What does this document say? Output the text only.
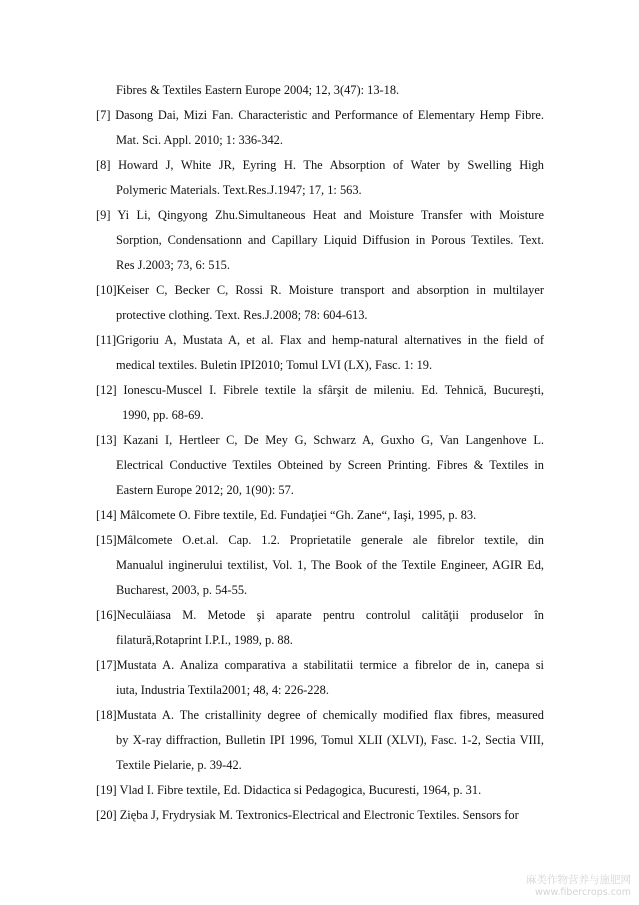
Fibres & Textiles Eastern Europe 2004; 12, 3(47): 13-18.
[7] Dasong Dai, Mizi Fan. Characteristic and Performance of Elementary Hemp Fibre.
Mat. Sci. Appl. 2010; 1: 336-342.
[8] Howard J, White JR, Eyring H. The Absorption of Water by Swelling High
Polymeric Materials. Text.Res.J.1947; 17, 1: 563.
[9] Yi Li, Qingyong Zhu.Simultaneous Heat and Moisture Transfer with Moisture
Sorption, Condensationn and Capillary Liquid Diffusion in Porous Textiles. Text.
Res J.2003; 73, 6: 515.
[10]Keiser C, Becker C, Rossi R. Moisture transport and absorption in multilayer
protective clothing. Text. Res.J.2008; 78: 604-613.
[11]Grigoriu A, Mustata A, et al. Flax and hemp-natural alternatives in the field of
medical textiles. Buletin IPI2010; Tomul LVI (LX), Fasc. 1: 19.
[12] Ionescu-Muscel I. Fibrele textile la sfârşit de mileniu. Ed. Tehnică, Bucureşti,
1990, pp. 68-69.
[13] Kazani I, Hertleer C, De Mey G, Schwarz A, Guxho G, Van Langenhove L.
Electrical Conductive Textiles Obteined by Screen Printing. Fibres & Textiles in
Eastern Europe 2012; 20, 1(90): 57.
[14] Mâlcomete O. Fibre textile, Ed. Fundaţiei “Gh. Zane“, Iaşi, 1995, p. 83.
[15]Mâlcomete O.et.al. Cap. 1.2. Proprietatile generale ale fibrelor textile, din
Manualul inginerului textilist, Vol. 1, The Book of the Textile Engineer, AGIR Ed,
Bucharest, 2003, p. 54-55.
[16]Neculăiasa M. Metode şi aparate pentru controlul calităţii produselor în
filatură,Rotaprint I.P.I., 1989, p. 88.
[17]Mustata A. Analiza comparativa a stabilitatii termice a fibrelor de in, canepa si
iuta, Industria Textila2001; 48, 4: 226-228.
[18]Mustata A. The cristallinity degree of chemically modified flax fibres, measured
by X-ray diffraction, Bulletin IPI 1996, Tomul XLII (XLVI), Fasc. 1-2, Sectia VIII,
Textile Pielarie, p. 39-42.
[19] Vlad I. Fibre textile, Ed. Didactica si Pedagogica, Bucuresti, 1964, p. 31.
[20] Zięba J, Frydrysiak M. Textronics-Electrical and Electronic Textiles. Sensors for
麻类作物营养与施肥网
www.fibercrops.com
